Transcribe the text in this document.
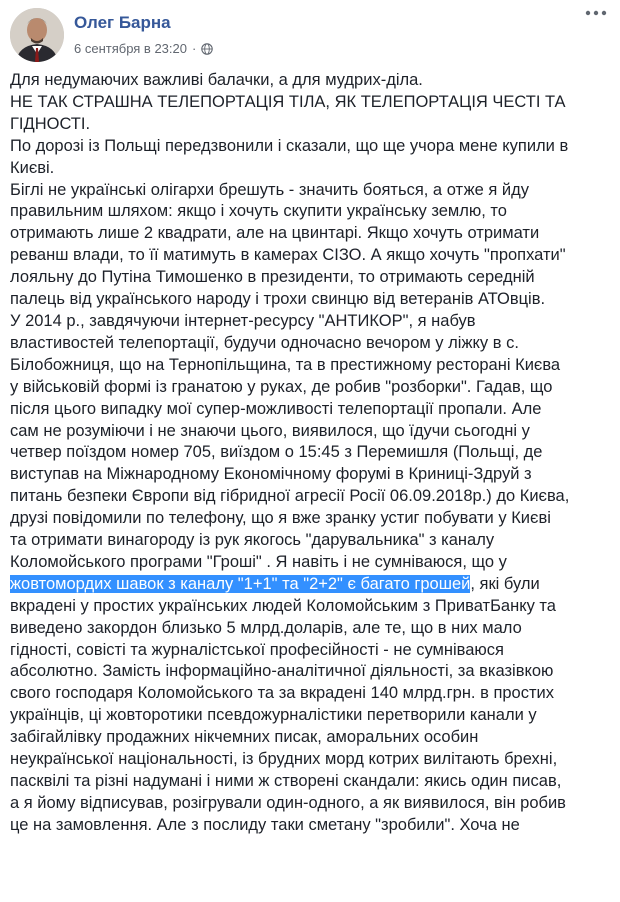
Олег Барна
6 сентября в 23:20 ·

Для недумаючих важливі балачки, а для мудрих-діла.

НЕ ТАК СТРАШНА ТЕЛЕПОРТАЦІЯ ТІЛА, ЯК ТЕЛЕПОРТАЦІЯ ЧЕСТІ ТА

ГІДНОСТІ.

По дорозі із Польщі передзвонили і сказали, що ще учора мене купили в

Києві.

Біглі не українські олігархи брешуть - значить бояться, а отже я йду

правильним шляхом: якщо і хочуть скупити українську землю, то

отримають лише 2 квадрати, але на цвинтарі. Якщо хочуть отримати

реванш влади, то її матимуть в камерах СІЗО. А якщо хочуть "пропхати"

лояльну до Путіна Тимошенко в президенти, то отримають середній

палець від українського народу і трохи свинцю від ветеранів АТОвців.

У 2014 р., завдячуючи інтернет-ресурсу "АНТИКОР", я набув

властивостей телепортації, будучи одночасно вечором у ліжку в с.

Білобожниця, що на Тернопільщина, та в престижному ресторані Києва

у військовій формі із гранатою у руках, де робив "розборки". Гадав, що

після цього випадку мої супер-можливості телепортації пропали. Але

сам не розуміючи і не знаючи цього, виявилося, що їдучи сьогодні у

четвер поїздом номер 705, виїздом о 15:45 з Перемишля (Польщі, де

виступав на Міжнародному Економічному форумі в Криниці-Здруй з

питань безпеки Європи від гібридної агресії Росії 06.09.2018р.) до Києва,

друзі повідомили по телефону, що я вже зранку устиг побувати у Києві

та отримати винагороду із рук якогось "дарувальника" з каналу

Коломойського програми "Гроші" . Я навіть і не сумніваюся, що у

жовтомордих шавок з каналу "1+1" та "2+2" є багато грошей, які були

вкрадені у простих українських людей Коломойським з ПриватБанку та

виведено закордон близько 5 млрд.доларів, але те, що в них мало

гідності, совісті та журналістської професійності - не сумніваюся

абсолютно. Замість інформаційно-аналітичної діяльності, за вказівкою

свого господаря Коломойського та за вкрадені 140 млрд.грн. в простих

українців, ці жовторотики псевдожурналістики перетворили канали у

забігайлівку продажних нікчемних писак, аморальних особин

неукраїнської національності, із брудних морд котрих вилітають брехні,

пасквілі та різні надумані і ними ж створені скандали: якись один писав,

а я йому відписував, розігрували один-одного, а як виявилося, він робив

це на замовлення. Але з послиду таки сметану "зробили". Хоча не
